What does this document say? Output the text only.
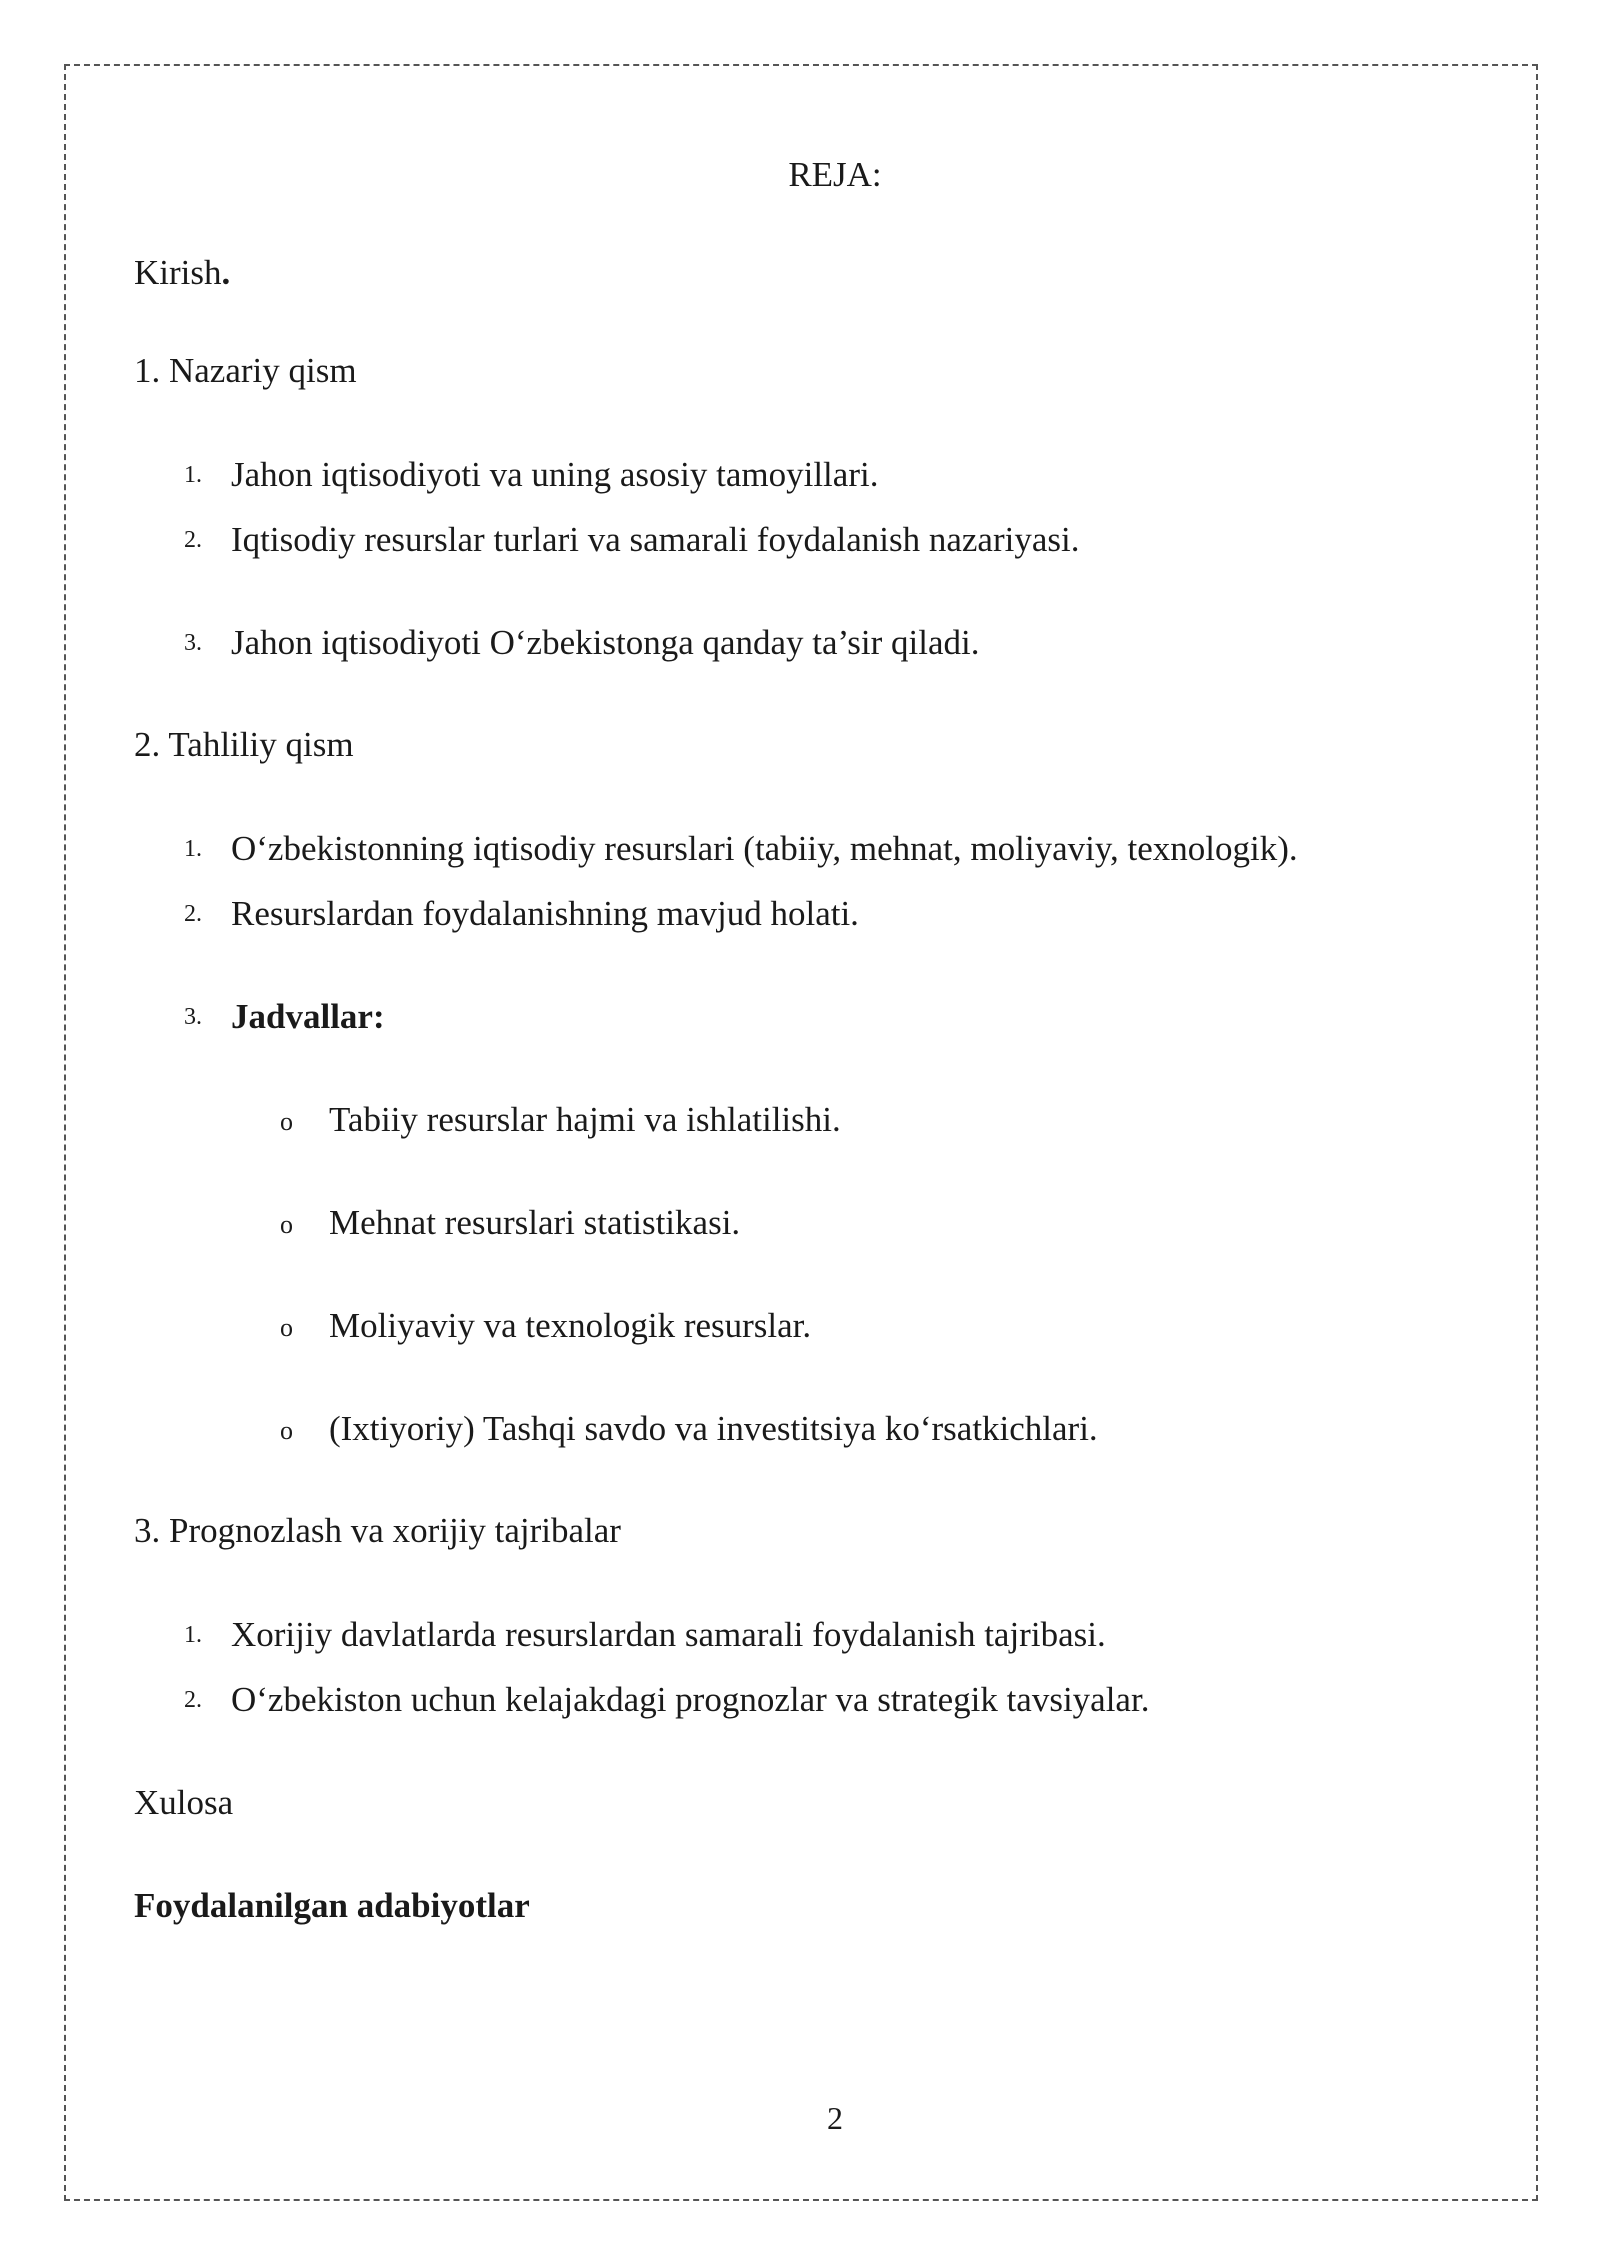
REJA:
Kirish.
1. Nazariy qism
1. Jahon iqtisodiyoti va uning asosiy tamoyillari.
2. Iqtisodiy resurslar turlari va samarali foydalanish nazariyasi.
3. Jahon iqtisodiyoti O‘zbekistonga qanday ta’sir qiladi.
2. Tahliliy qism
1. O‘zbekistonning iqtisodiy resurslari (tabiiy, mehnat, moliyaviy, texnologik).
2. Resurslardan foydalanishning mavjud holati.
3. Jadvallar:
o Tabiiy resurslar hajmi va ishlatilishi.
o Mehnat resurslari statistikasi.
o Moliyaviy va texnologik resurslar.
o (Ixtiyoriy) Tashqi savdo va investitsiya ko‘rsatkichlari.
3. Prognozlash va xorijiy tajribalar
1. Xorijiy davlatlarda resurslardan samarali foydalanish tajribasi.
2. O‘zbekiston uchun kelajakdagi prognozlar va strategik tavsiyalar.
Xulosa
Foydalanilgan adabiyotlar
2
